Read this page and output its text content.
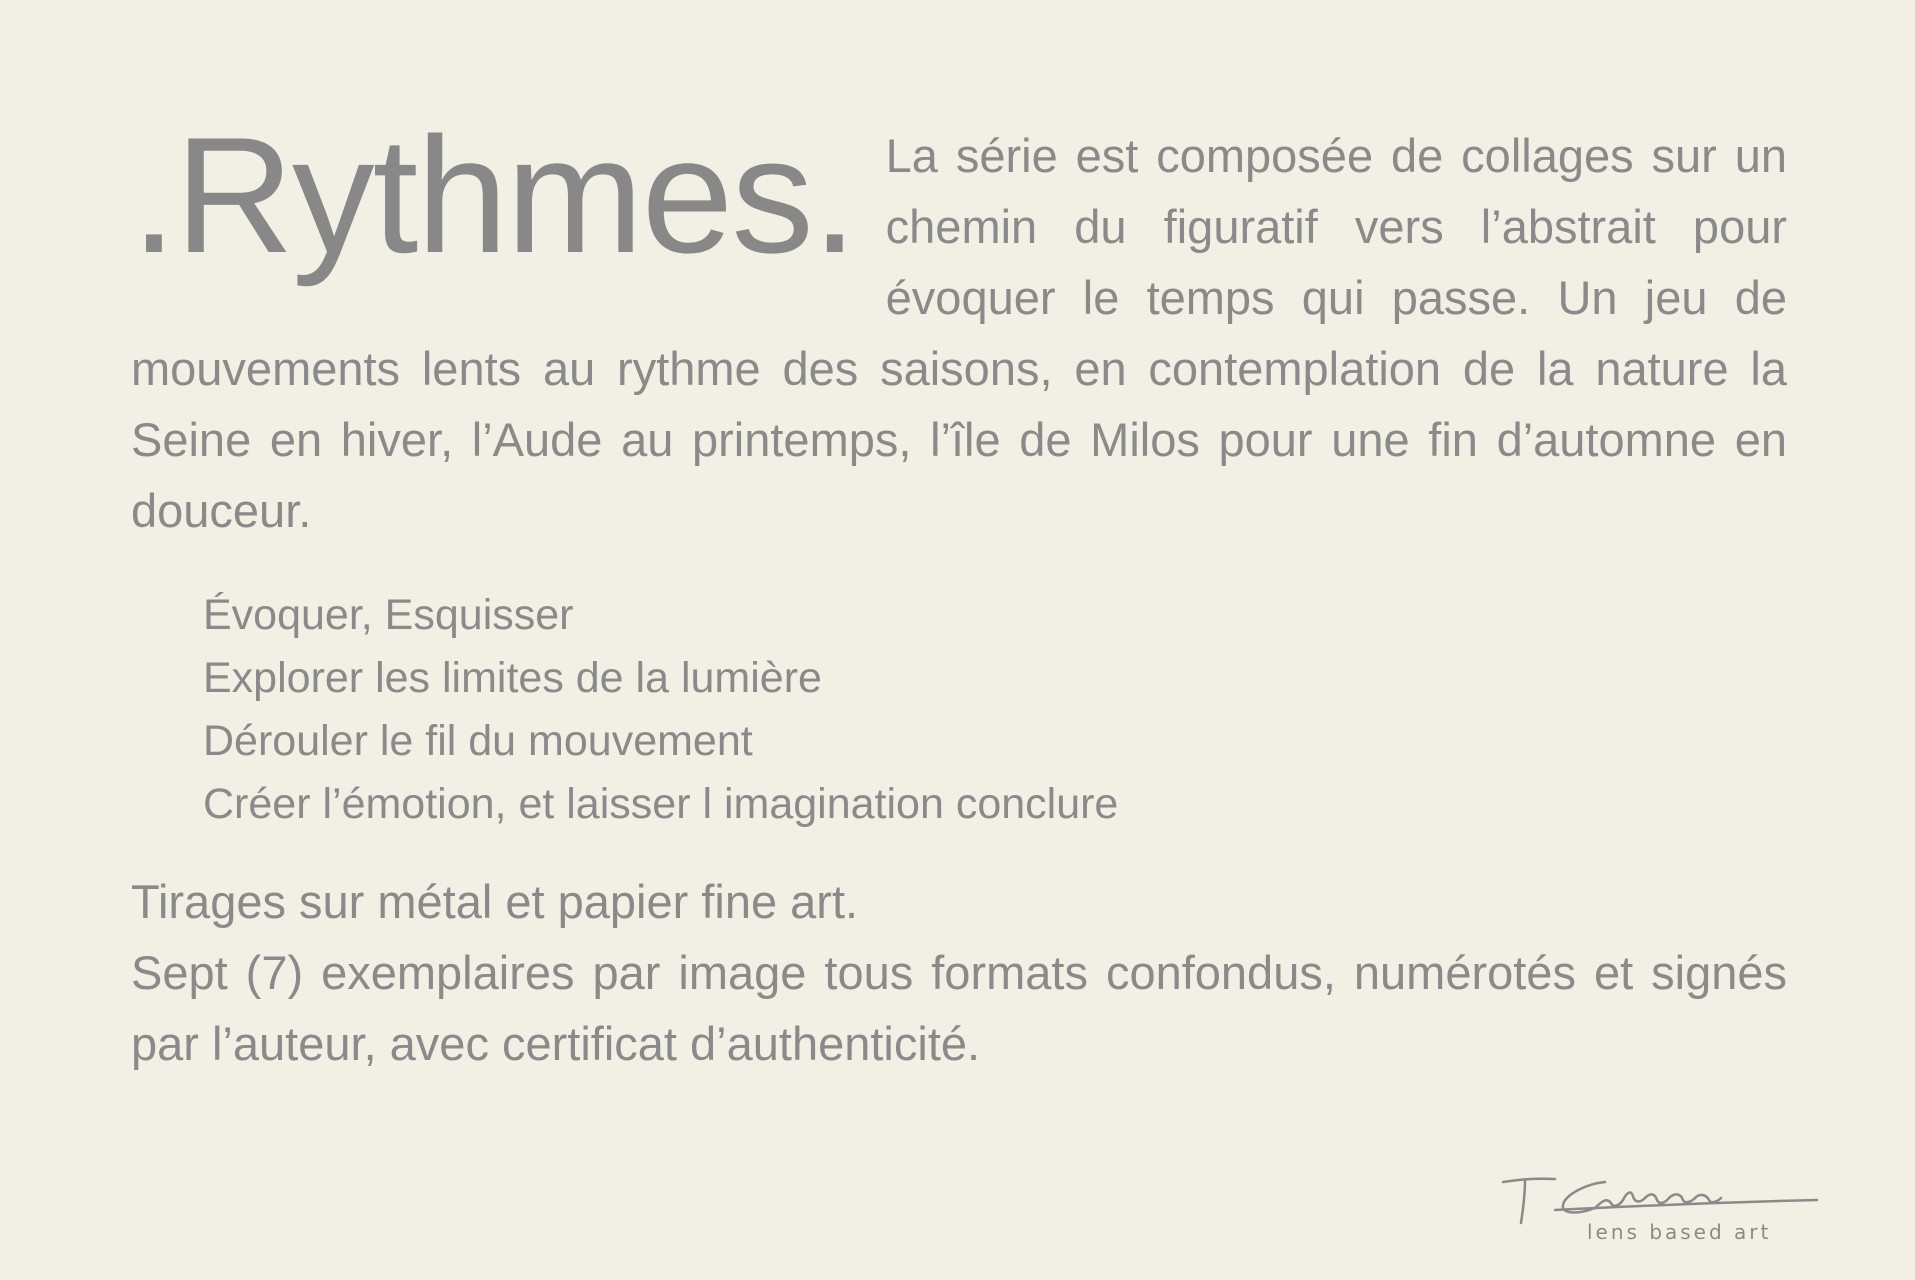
.Rythmes. La série est composée de collages sur un chemin du figuratif vers l’abstrait pour évoquer le temps qui passe. Un jeu de mouvements lents au rythme des saisons, en contemplation de la nature la Seine en hiver, l’Aude au printemps, l’île de Milos pour une fin d’automne en douceur.

Évoquer, Esquisser
Explorer les limites de la lumière
Dérouler le fil du mouvement
Créer l’émotion, et laisser l imagination conclure

Tirages sur métal et papier fine art.

Sept (7) exemplaires par image tous formats confondus, numérotés et signés par l’auteur, avec certificat d’authenticité.

lens based art
